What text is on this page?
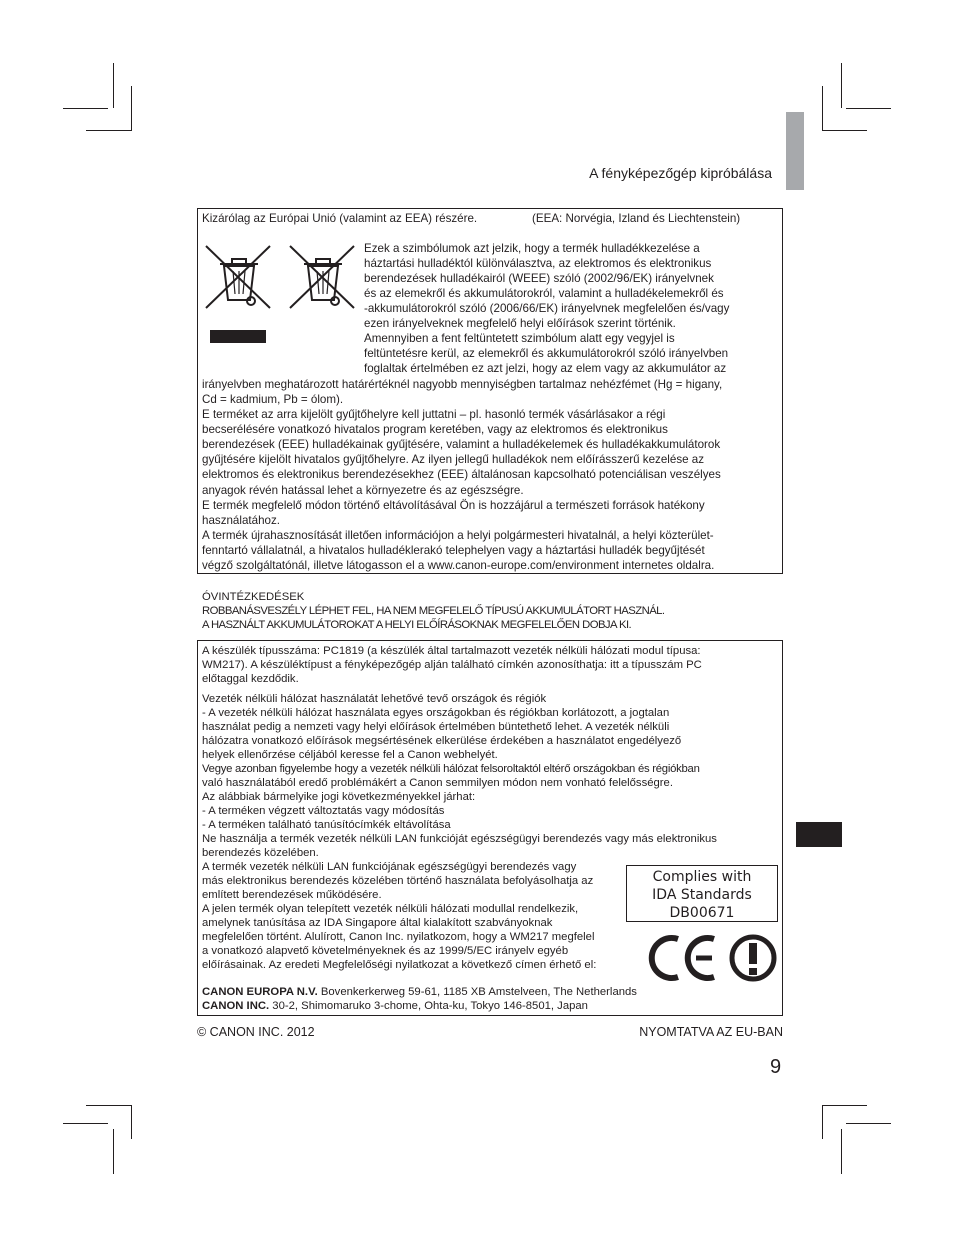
A fényképezőgép kipróbálása
Kizárólag az Európai Unió (valamint az EEA) részére.	(EEA: Norvégia, Izland és Liechtenstein)
Ezek a szimbólumok azt jelzik, hogy a termék hulladékkezelése a
háztartási hulladéktól különválasztva, az elektromos és elektronikus
berendezések hulladékairól (WEEE) szóló (2002/96/EK) irányelvnek
és az elemekről és akkumulátorokról, valamint a hulladékelemekről és
-akkumulátorokról szóló (2006/66/EK) irányelvnek megfelelően és/vagy
ezen irányelveknek megfelelő helyi előírások szerint történik.
Amennyiben a fent feltüntetett szimbólum alatt egy vegyjel is
feltüntetésre kerül, az elemekről és akkumulátorokról szóló irányelvben
foglaltak értelmében ez azt jelzi, hogy az elem vagy az akkumulátor az
irányelvben meghatározott határértéknél nagyobb mennyiségben tartalmaz nehézfémet (Hg = higany,
Cd = kadmium, Pb = ólom).
E terméket az arra kijelölt gyűjtőhelyre kell juttatni – pl. hasonló termék vásárlásakor a régi
becserélésére vonatkozó hivatalos program keretében, vagy az elektromos és elektronikus
berendezések (EEE) hulladékainak gyűjtésére, valamint a hulladékelemek és hulladékakkumulátorok
gyűjtésére kijelölt hivatalos gyűjtőhelyre. Az ilyen jellegű hulladékok nem előírásszerű kezelése az
elektromos és elektronikus berendezésekhez (EEE) általánosan kapcsolható potenciálisan veszélyes
anyagok révén hatással lehet a környezetre és az egészségre.
E termék megfelelő módon történő eltávolításával Ön is hozzájárul a természeti források hatékony
használatához.
A termék újrahasznosítását illetően információjon a helyi polgármesteri hivatalnál, a helyi közterület-
fenntartó vállalatnál, a hivatalos hulladéklerakó telephelyen vagy a háztartási hulladék begyűjtését
végző szolgáltatónál, illetve látogasson el a www.canon-europe.com/environment internetes oldalra.
ÓVINTÉZKEDÉSEK
ROBBANÁSVESZÉLY LÉPHET FEL, HA NEM MEGFELELŐ TÍPUSÚ AKKUMULÁTORT HASZNÁL.
A HASZNÁLT AKKUMULÁTOROKAT A HELYI ELŐÍRÁSOKNAK MEGFELELŐEN DOBJA KI.
A készülék típusszáma: PC1819 (a készülék által tartalmazott vezeték nélküli hálózati modul típusa:
WM217). A készüléktípust a fényképezőgép alján található címkén azonosíthatja: itt a típusszám PC
előtaggal kezdődik.
Vezeték nélküli hálózat használatát lehetővé tevő országok és régiók
- A vezeték nélküli hálózat használata egyes országokban és régiókban korlátozott, a jogtalan
használat pedig a nemzeti vagy helyi előírások értelmében büntethető lehet. A vezeték nélküli
hálózatra vonatkozó előírások megsértésének elkerülése érdekében a használatot engedélyező
helyek ellenőrzése céljából keresse fel a Canon webhelyét.
Vegye azonban figyelembe hogy a vezeték nélküli hálózat felsoroltaktól eltérő országokban és régiókban
való használatából eredő problémákért a Canon semmilyen módon nem vonható felelősségre.
Az alábbiak bármelyike jogi következményekkel járhat:
- A terméken végzett változtatás vagy módosítás
- A terméken található tanúsítócímkék eltávolítása
Ne használja a termék vezeték nélküli LAN funkcióját egészségügyi berendezés vagy más elektronikus
berendezés közelében.
A termék vezeték nélküli LAN funkciójának egészségügyi berendezés vagy
más elektronikus berendezés közelében történő használata befolyásolhatja az
említett berendezések működésére.
A jelen termék olyan telepített vezeték nélküli hálózati modullal rendelkezik,
amelynek tanúsítása az IDA Singapore által kialakított szabványoknak
megfelelően történt. Alulírott, Canon Inc. nyilatkozom, hogy a WM217 megfelel
a vonatkozó alapvető követelményeknek és az 1999/5/EC irányelv egyéb
előírásainak. Az eredeti Megfelelőségi nyilatkozat a következő címen érhető el:
CANON EUROPA N.V. Bovenkerkerweg 59-61, 1185 XB Amstelveen, The Netherlands
CANON INC. 30-2, Shimomaruko 3-chome, Ohta-ku, Tokyo 146-8501, Japan
Complies with
IDA Standards
DB00671
© CANON INC. 2012	NYOMTATVA AZ EU-BAN
9
